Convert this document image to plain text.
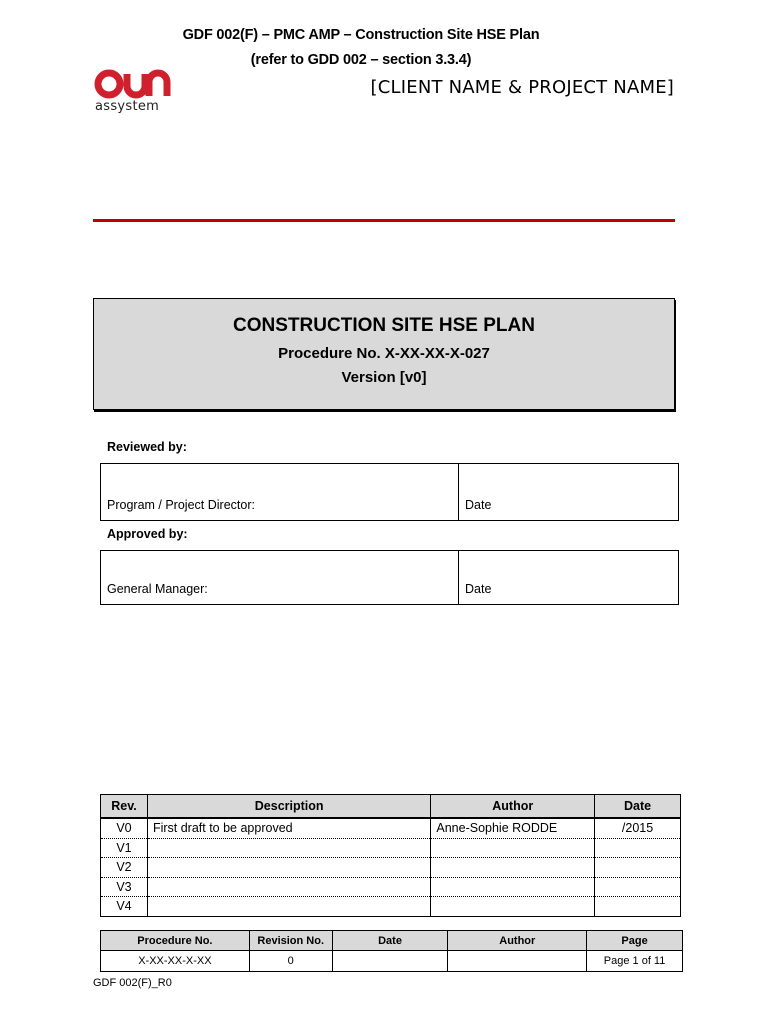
GDF 002(F) – PMC AMP – Construction Site HSE Plan
(refer to GDD 002 – section 3.3.4)
assystem
[CLIENT NAME & PROJECT NAME]
CONSTRUCTION SITE HSE PLAN
Procedure No. X-XX-XX-X-027
Version [v0]
Reviewed by:
Program / Project Director:	Date
Approved by:
General Manager:	Date
Rev.	Description	Author	Date
V0	First draft to be approved	Anne-Sophie RODDE	/2015
V1			
V2			
V3			
V4			
Procedure No.	Revision No.	Date	Author	Page
X-XX-XX-X-XX	0			Page 1 of 11
GDF 002(F)_R0
